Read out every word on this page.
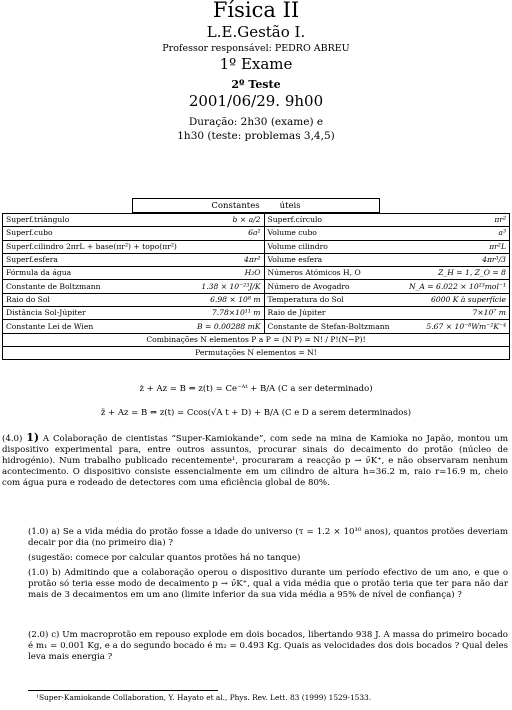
Física II
L.E.Gestão I.
Professor responsável: PEDRO ABREU
1º Exame
2º Teste
2001/06/29. 9h00
Duração: 2h30 (exame) e
1h30 (teste: problemas 3,4,5)
Constantes úteis
Superf.triângulo	b × a/2	Superf.círculo	πr²
Superf.cubo	6a²	Volume cubo	a³
Superf.cilindro 2πrL + base(πr²) + topo(πr²)		Volume cilindro	πr²L
Superf.esfera	4πr²	Volume esfera	4πr³/3
Fórmula da água	H₂O	Números Atómicos H, O	Z_H = 1, Z_O = 8
Constante de Boltzmann	1.38 × 10⁻²³J/K	Número de Avogadro	N_A = 6.022 × 10²³mol⁻¹
Raio do Sol	6.98 × 10⁸ m	Temperatura do Sol	6000 K à superfície
Distância Sol-Júpiter	7.78×10¹¹ m	Raio de Júpiter	7×10⁷ m
Constante Lei de Wien	B = 0.00288 mK	Constante de Stefan-Boltzmann	5.67 × 10⁻⁸Wm⁻²K⁻⁴
Combinações N elementos P a P = (N P) = N! / P!(N−P)!			
Permutações N elementos = N!			
ż + Az = B ⇔ z(t) = Ce⁻ᴬᵗ + B/A (C a ser determinado)
z̈ + Az = B ⇔ z(t) = Ccos(√A t + D) + B/A (C e D a serem determinados)
(4.0) 1) A Colaboração de cientistas “Super-Kamiokande”, com sede na mina de Kamioka no Japão, montou um dispositivo experimental para, entre outros assuntos, procurar sinais do decaimento do protão (núcleo de hidrogénio). Num trabalho publicado recentemente¹, procuraram a reacção p → ν̄K⁺, e não observaram nenhum acontecimento. O dispositivo consiste essencialmente em um cilindro de altura h=36.2 m, raio r=16.9 m, cheio com água pura e rodeado de detectores com uma eficiência global de 80%.
(1.0) a) Se a vida média do protão fosse a idade do universo (τ = 1.2 × 10¹⁰ anos), quantos protões deveriam decair por dia (no primeiro dia) ?
(sugestão: comece por calcular quantos protões há no tanque)
(1.0) b) Admitindo que a colaboração operou o dispositivo durante um período efectivo de um ano, e que o protão só teria esse modo de decaimento p → ν̄K⁺, qual a vida média que o protão teria que ter para não dar mais de 3 decaimentos em um ano (limite inferior da sua vida média a 95% de nível de confiança) ?
(2.0) c) Um macroprotão em repouso explode em dois bocados, libertando 938 J. A massa do primeiro bocado é m₁ = 0.001 Kg, e a do segundo bocado é m₂ = 0.493 Kg. Quais as velocidades dos dois bocados ? Qual deles leva mais energia ?
¹Super-Kamiokande Collaboration, Y. Hayato et al., Phys. Rev. Lett. 83 (1999) 1529-1533.
